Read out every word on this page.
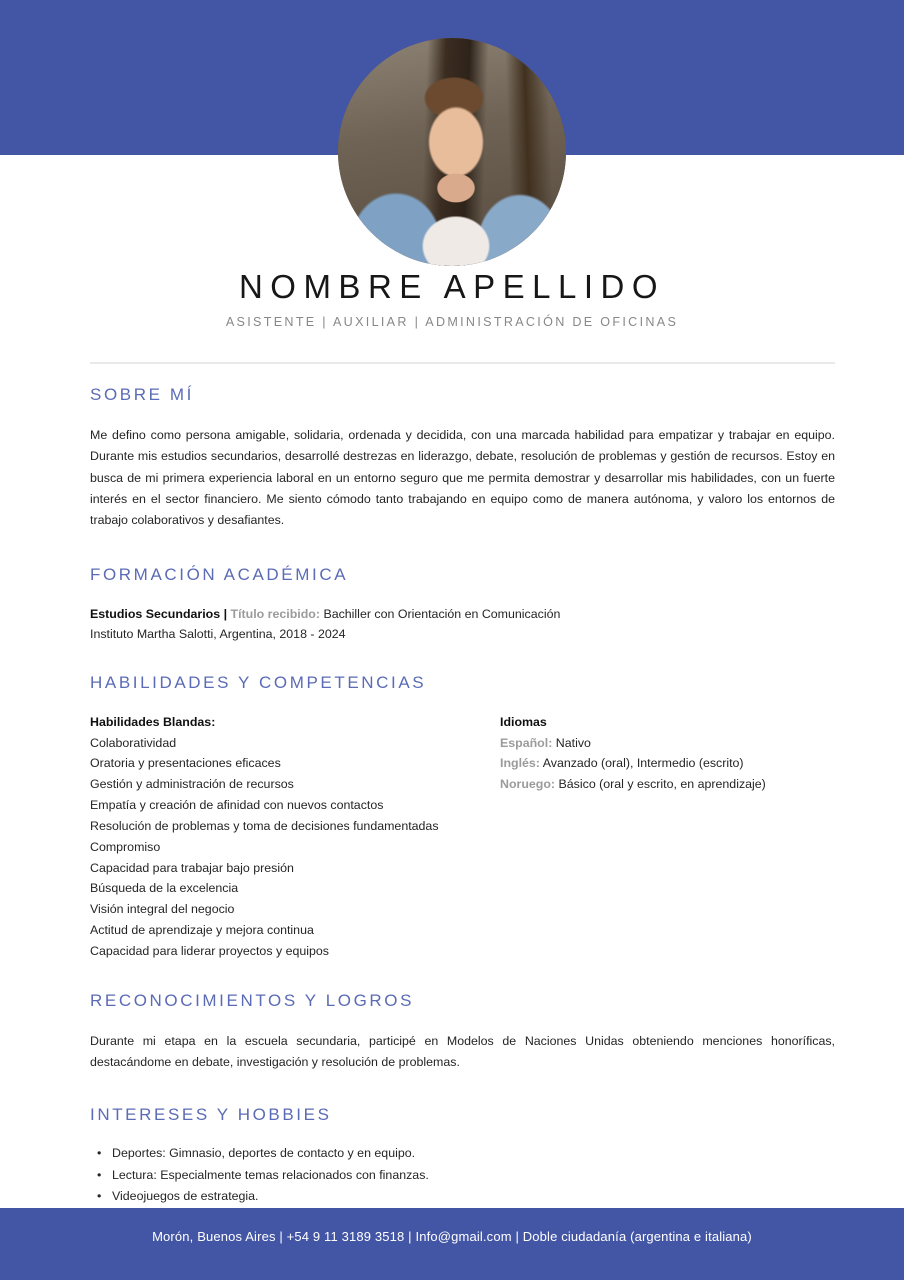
NOMBRE APELLIDO
ASISTENTE | AUXILIAR | ADMINISTRACIÓN DE OFICINAS
SOBRE MÍ

Me defino como persona amigable, solidaria, ordenada y decidida, con una marcada habilidad para empatizar y trabajar en equipo. Durante mis estudios secundarios, desarrollé destrezas en liderazgo, debate, resolución de problemas y gestión de recursos. Estoy en busca de mi primera experiencia laboral en un entorno seguro que me permita demostrar y desarrollar mis habilidades, con un fuerte interés en el sector financiero. Me siento cómodo tanto trabajando en equipo como de manera autónoma, y valoro los entornos de trabajo colaborativos y desafiantes.

FORMACIÓN ACADÉMICA
Estudios Secundarios | Título recibido: Bachiller con Orientación en Comunicación
Instituto Martha Salotti, Argentina, 2018 - 2024
HABILIDADES Y COMPETENCIAS
Habilidades Blandas:
Colaboratividad
Oratoria y presentaciones eficaces
Gestión y administración de recursos
Empatía y creación de afinidad con nuevos contactos
Resolución de problemas y toma de decisiones fundamentadas
Compromiso
Capacidad para trabajar bajo presión
Búsqueda de la excelencia
Visión integral del negocio
Actitud de aprendizaje y mejora continua
Capacidad para liderar proyectos y equipos
Idiomas
Español: Nativo
Inglés: Avanzado (oral), Intermedio (escrito)
Noruego: Básico (oral y escrito, en aprendizaje)
RECONOCIMIENTOS Y LOGROS

Durante mi etapa en la escuela secundaria, participé en Modelos de Naciones Unidas obteniendo menciones honoríficas, destacándome en debate, investigación y resolución de problemas.

INTERESES Y HOBBIES
• Deportes: Gimnasio, deportes de contacto y en equipo.
• Lectura: Especialmente temas relacionados con finanzas.
• Videojuegos de estrategia.
Morón, Buenos Aires | +54 9 11 3189 3518 | Info@gmail.com | Doble ciudadanía (argentina e italiana)
